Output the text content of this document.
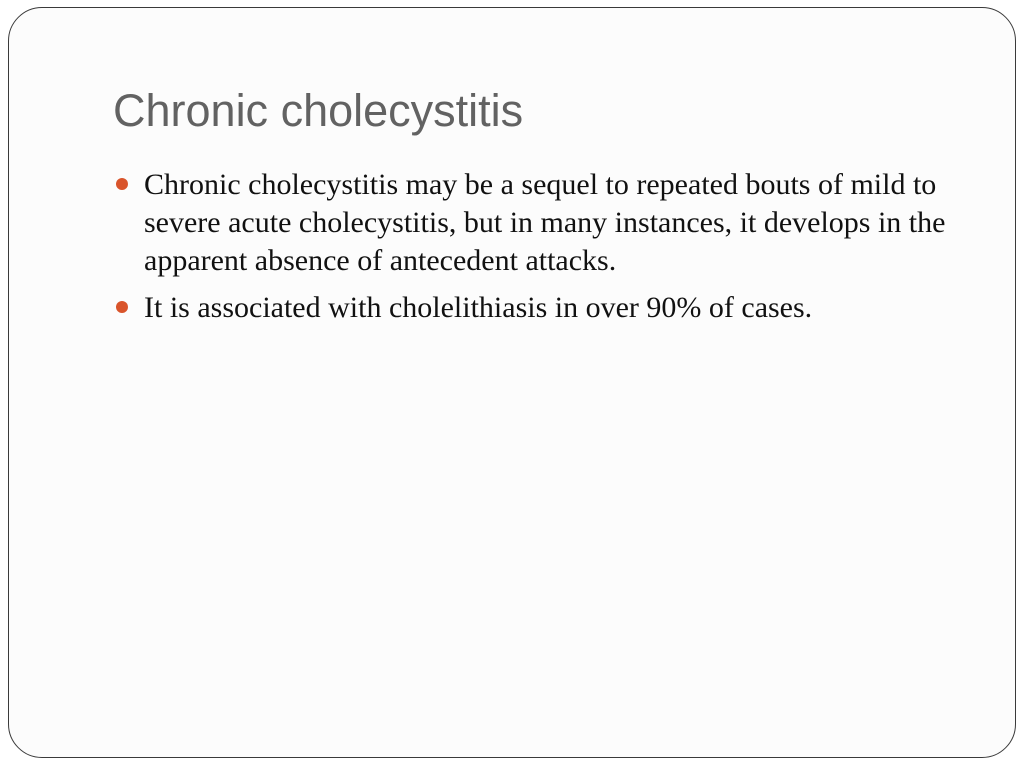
Chronic cholecystitis
Chronic cholecystitis may be a sequel to repeated bouts of mild to severe acute cholecystitis, but in many instances, it develops in the apparent absence of antecedent attacks.
It is associated with cholelithiasis in over 90% of cases.
